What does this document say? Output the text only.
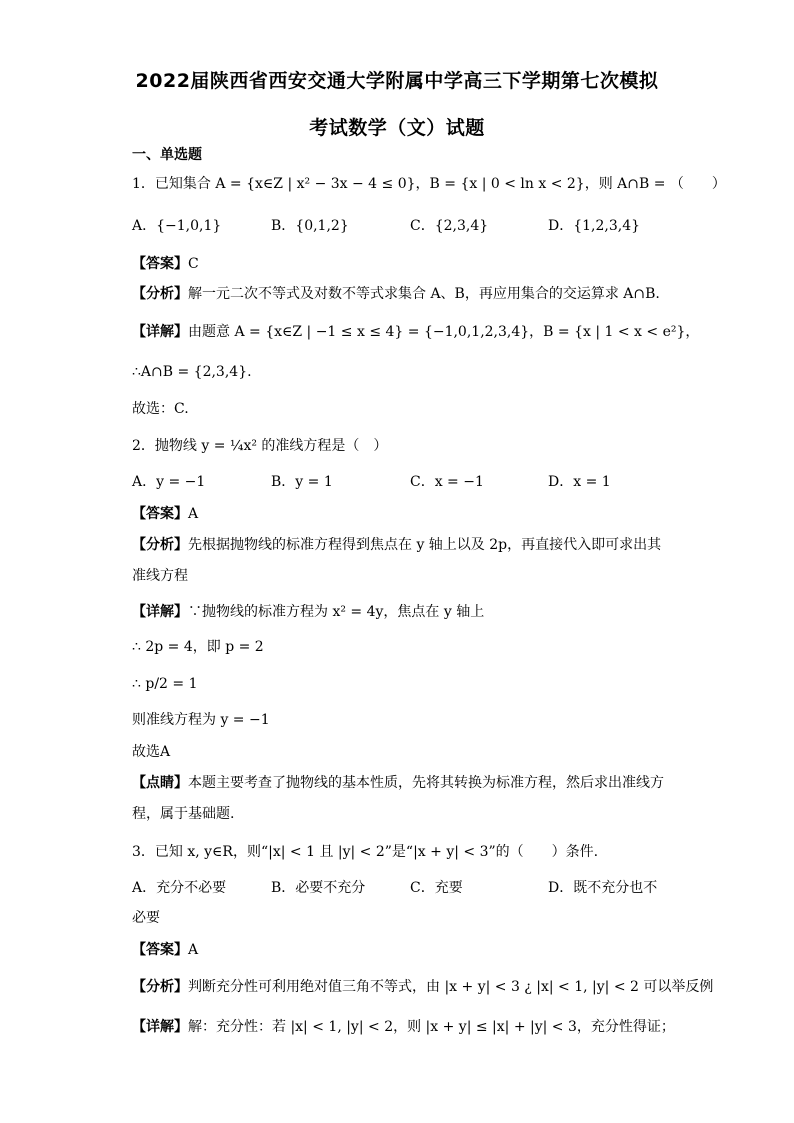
2022届陕西省西安交通大学附属中学高三下学期第七次模拟
考试数学（文）试题
一、单选题
1．已知集合 A = {x∈Z | x² − 3x − 4 ≤ 0}，B = {x | 0 < ln x < 2}，则 A∩B = （　　）
A．{−1,0,1}	B．{0,1,2}	C．{2,3,4}	D．{1,2,3,4}
【答案】C
【分析】解一元二次不等式及对数不等式求集合 A、B，再应用集合的交运算求 A∩B.
【详解】由题意 A = {x∈Z | −1 ≤ x ≤ 4} = {−1,0,1,2,3,4}，B = {x | 1 < x < e²}，
∴A∩B = {2,3,4}.
故选：C.
2．抛物线 y = ¼x² 的准线方程是（　）
A．y = −1	B．y = 1	C．x = −1	D．x = 1
【答案】A
【分析】先根据抛物线的标准方程得到焦点在 y 轴上以及 2p，再直接代入即可求出其
准线方程
【详解】∵抛物线的标准方程为 x² = 4y，焦点在 y 轴上
∴ 2p = 4，即 p = 2
∴ p/2 = 1
则准线方程为 y = −1
故选A
【点睛】本题主要考查了抛物线的基本性质，先将其转换为标准方程，然后求出准线方
程，属于基础题.
3．已知 x, y∈R，则“|x| < 1 且 |y| < 2”是“|x + y| < 3”的（　　）条件.
A．充分不必要	B．必要不充分	C．充要	D．既不充分也不
必要
【答案】A
【分析】判断充分性可利用绝对值三角不等式，由 |x + y| < 3 ¿ |x| < 1, |y| < 2 可以举反例
【详解】解：充分性：若 |x| < 1, |y| < 2，则 |x + y| ≤ |x| + |y| < 3，充分性得证；
